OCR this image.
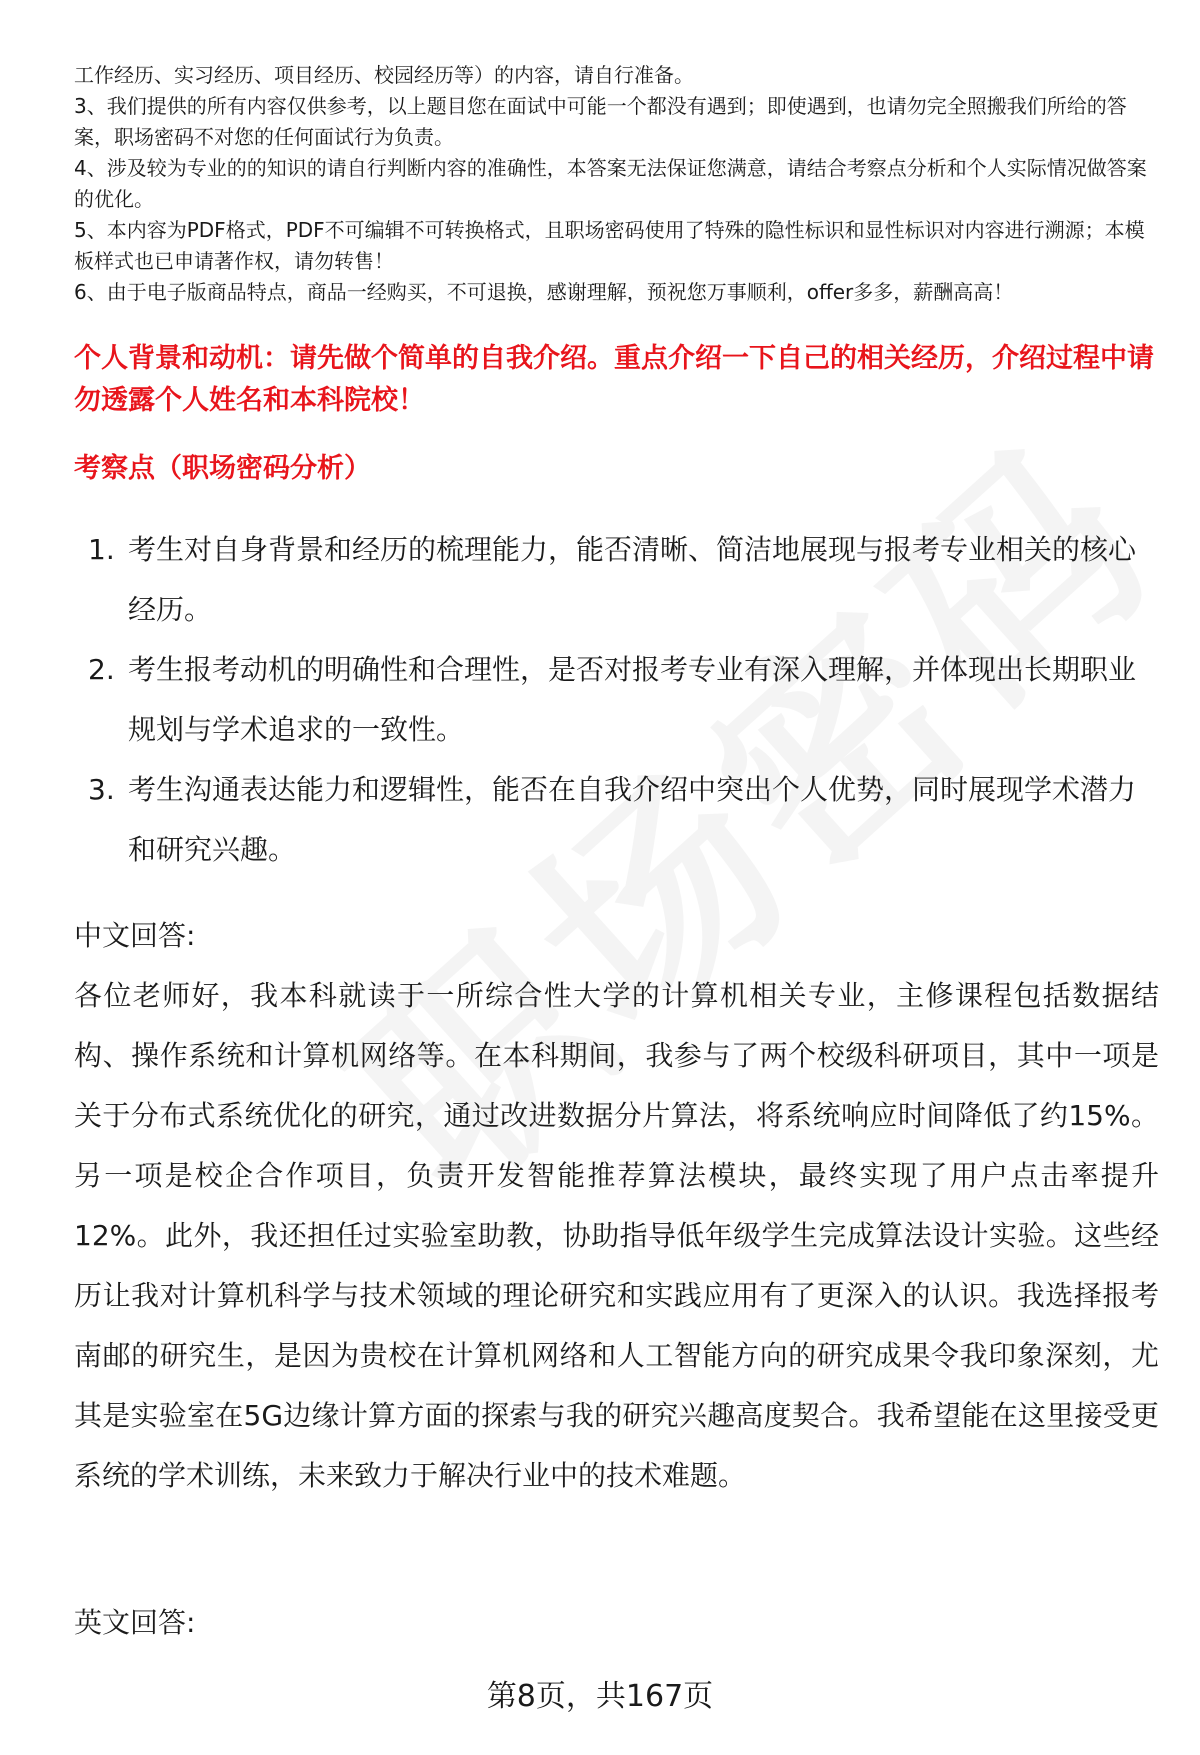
工作经历、实习经历、项目经历、校园经历等）的内容，请自行准备。

3、我们提供的所有内容仅供参考，以上题目您在面试中可能一个都没有遇到；即使遇到，也请勿完全照搬我们所给的答案，职场密码不对您的任何面试行为负责。

4、涉及较为专业的的知识的请自行判断内容的准确性，本答案无法保证您满意，请结合考察点分析和个人实际情况做答案的优化。

5、本内容为PDF格式，PDF不可编辑不可转换格式，且职场密码使用了特殊的隐性标识和显性标识对内容进行溯源；本模板样式也已申请著作权，请勿转售！

6、由于电子版商品特点，商品一经购买，不可退换，感谢理解，预祝您万事顺利，offer多多，薪酬高高！

个人背景和动机：请先做个简单的自我介绍。重点介绍一下自己的相关经历，介绍过程中请勿透露个人姓名和本科院校！

考察点（职场密码分析）

1. 考生对自身背景和经历的梳理能力，能否清晰、简洁地展现与报考专业相关的核心经历。
2. 考生报考动机的明确性和合理性，是否对报考专业有深入理解，并体现出长期职业规划与学术追求的一致性。
3. 考生沟通表达能力和逻辑性，能否在自我介绍中突出个人优势，同时展现学术潜力和研究兴趣。

中文回答:

各位老师好，我本科就读于一所综合性大学的计算机相关专业，主修课程包括数据结构、操作系统和计算机网络等。在本科期间，我参与了两个校级科研项目，其中一项是关于分布式系统优化的研究，通过改进数据分片算法，将系统响应时间降低了约15%。另一项是校企合作项目，负责开发智能推荐算法模块，最终实现了用户点击率提升12%。此外，我还担任过实验室助教，协助指导低年级学生完成算法设计实验。这些经历让我对计算机科学与技术领域的理论研究和实践应用有了更深入的认识。我选择报考南邮的研究生，是因为贵校在计算机网络和人工智能方向的研究成果令我印象深刻，尤其是实验室在5G边缘计算方面的探索与我的研究兴趣高度契合。我希望能在这里接受更系统的学术训练，未来致力于解决行业中的技术难题。

英文回答:

第8页，共167页
